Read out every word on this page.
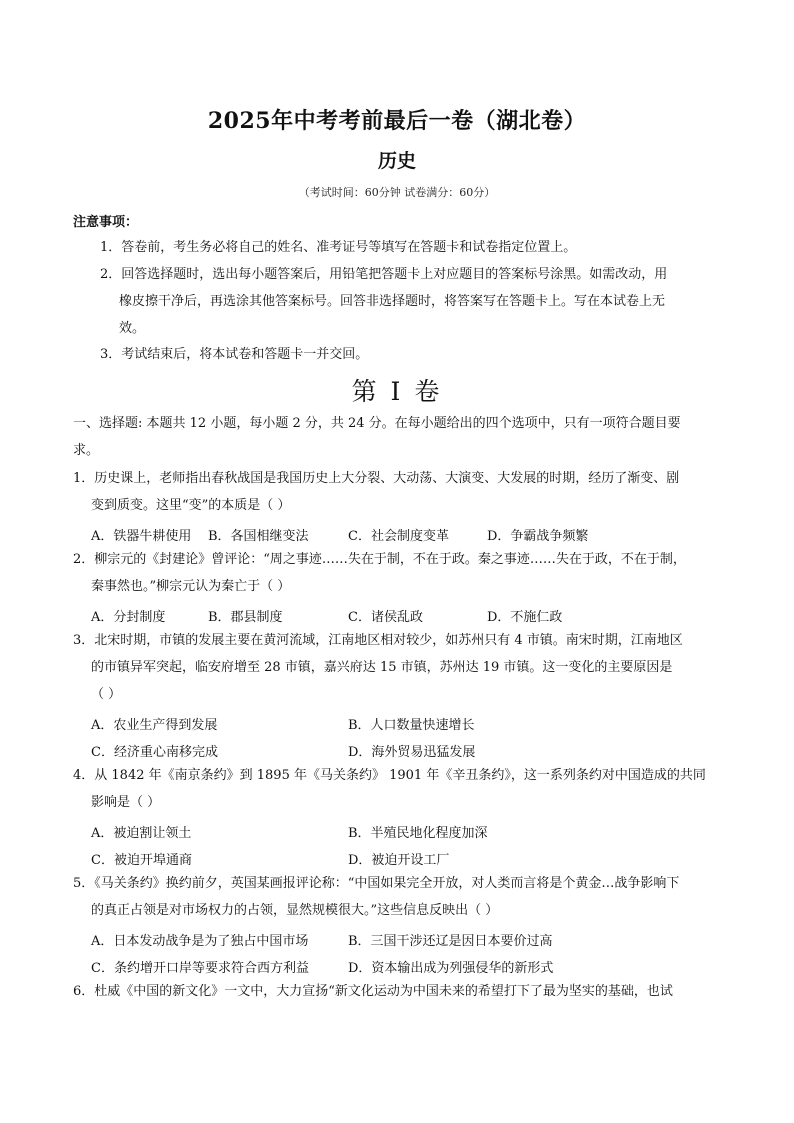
2025年中考考前最后一卷（湖北卷）
历史
（考试时间：60分钟 试卷满分：60分）
注意事项：
1．答卷前，考生务必将自己的姓名、准考证号等填写在答题卡和试卷指定位置上。
2．回答选择题时，选出每小题答案后，用铅笔把答题卡上对应题目的答案标号涂黑。如需改动，用
橡皮擦干净后，再选涂其他答案标号。回答非选择题时，将答案写在答题卡上。写在本试卷上无
效。
3．考试结束后，将本试卷和答题卡一并交回。
第 I 卷
一、选择题: 本题共 12 小题，每小题 2 分，共 24 分。在每小题给出的四个选项中，只有一项符合题目要
求。
1．历史课上，老师指出春秋战国是我国历史上大分裂、大动荡、大演变、大发展的时期，经历了渐变、剧
变到质变。这里“变”的本质是（ ）
A．铁器牛耕使用 B．各国相继变法	C．社会制度变革	D．争霸战争频繁
2．柳宗元的《封建论》曾评论：“周之事迹……失在于制，不在于政。秦之事迹……失在于政，不在于制，
秦事然也。”柳宗元认为秦亡于（ ）
A．分封制度	B．郡县制度	C．诸侯乱政	D．不施仁政
3．北宋时期，市镇的发展主要在黄河流域，江南地区相对较少，如苏州只有 4 市镇。南宋时期，江南地区
的市镇异军突起，临安府增至 28 市镇，嘉兴府达 15 市镇，苏州达 19 市镇。这一变化的主要原因是
（ ）
A．农业生产得到发展	B．人口数量快速增长
C．经济重心南移完成	D．海外贸易迅猛发展
4．从 1842 年《南京条约》到 1895 年《马关条约》 1901 年《辛丑条约》，这一系列条约对中国造成的共同
影响是（ ）
A．被迫割让领土	B．半殖民地化程度加深
C．被迫开埠通商	D．被迫开设工厂
5．《马关条约》换约前夕，英国某画报评论称：“中国如果完全开放，对人类而言将是个黄金…战争影响下
的真正占领是对市场权力的占领，显然规模很大。”这些信息反映出（ ）
A．日本发动战争是为了独占中国市场	B．三国干涉还辽是因日本要价过高
C．条约增开口岸等要求符合西方利益	D．资本输出成为列强侵华的新形式
6．杜威《中国的新文化》一文中，大力宣扬“新文化运动为中国未来的希望打下了最为坚实的基础，也试
